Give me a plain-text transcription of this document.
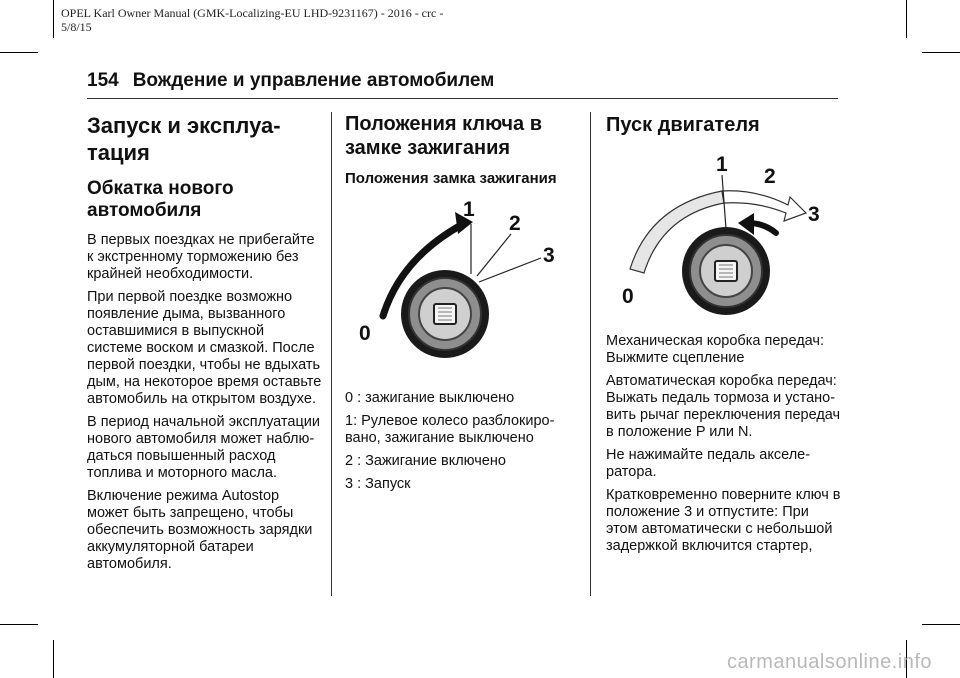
OPEL Karl Owner Manual (GMK-Localizing-EU LHD-9231167) - 2016 - crc -
5/8/15
154 Вождение и управление автомобилем
Запуск и эксплуа-
тация
Обкатка нового
автомобиля

В первых поездках не прибегайте
к экстренному торможению без
крайней необходимости.

При первой поездке возможно
появление дыма, вызванного
оставшимися в выпускной
системе воском и смазкой. После
первой поездки, чтобы не вдыхать
дым, на некоторое время оставьте
автомобиль на открытом воздухе.

В период начальной эксплуатации
нового автомобиля может наблю-
даться повышенный расход
топлива и моторного масла.

Включение режима Autostop
может быть запрещено, чтобы
обеспечить возможность зарядки
аккумуляторной батареи
автомобиля.

Положения ключа в
замке зажигания
Положения замка зажигания
1
2
3
0

0 : зажигание выключено

1: Рулевое колесо разблокиро-
вано, зажигание выключено

2 : Зажигание включено

3 : Запуск

Пуск двигателя
1
2
3
0

Механическая коробка передач:
Выжмите сцепление

Автоматическая коробка передач:
Выжать педаль тормоза и устано-
вить рычаг переключения передач
в положение P или N.

Не нажимайте педаль акселе-
ратора.

Кратковременно поверните ключ в
положение 3 и отпустите: При
этом автоматически с небольшой
задержкой включится стартер,

carmanualsonline.info
